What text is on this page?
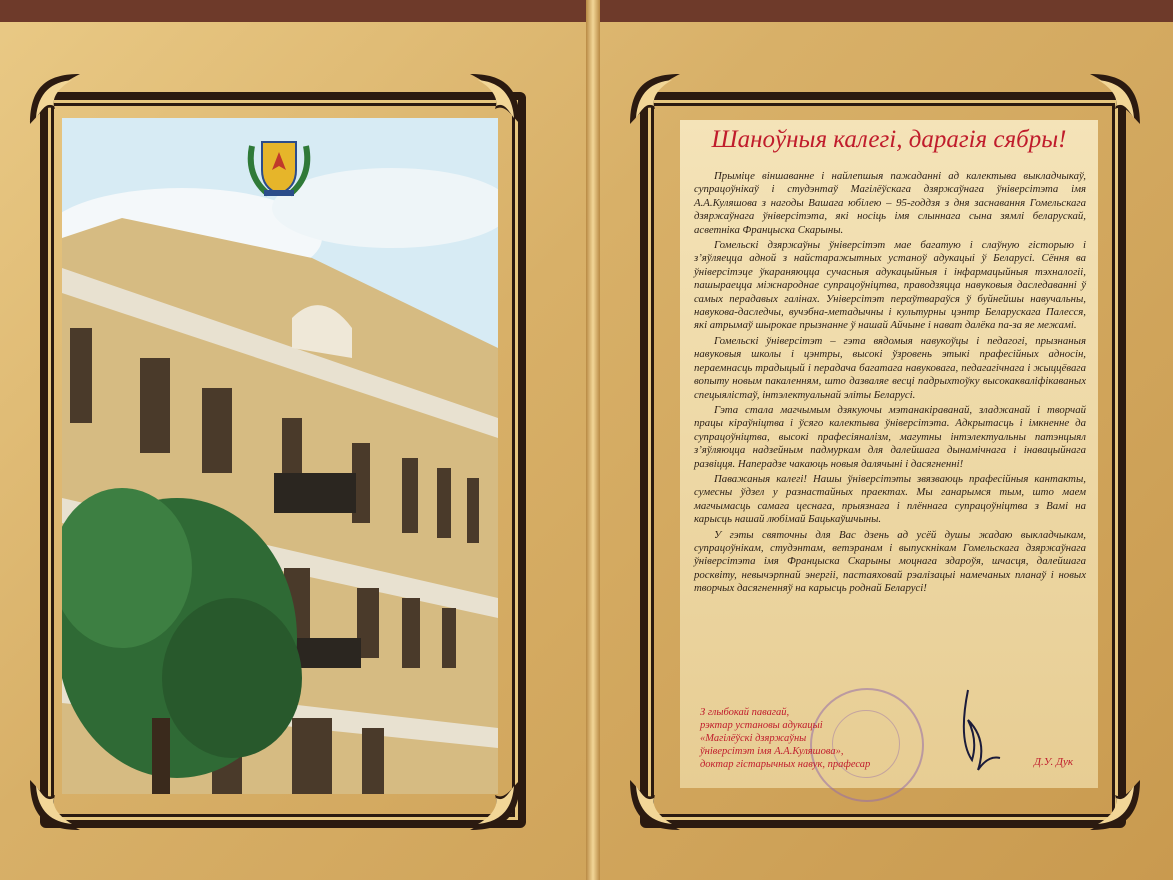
Шаноўныя калегі, дарагія сябры!

Прыміце віншаванне і найлепшыя пажаданні ад калектыва выкладчыкаў, супрацоўнікаў і студэнтаў Магілёўскага дзяржаўнага ўніверсітэта імя А.А.Куляшова з нагоды Вашага юбілею – 95-годдзя з дня заснавання Гомельскага дзяржаўнага ўніверсітэта, які носіць імя слыннага сына зямлі беларускай, асветніка Францыска Скарыны.

Гомельскі дзяржаўны ўніверсітэт мае багатую і слаўную гісторыю і з’яўляецца адной з найстаражытных устаноў адукацыі ў Беларусі. Сёння ва ўніверсітэце ўкараняюцца сучасныя адукацыйныя і інфармацыйныя тэхналогіі, пашыраецца міжнароднае супрацоўніцтва, праводзяцца навуковыя даследаванні ў самых перадавых галінах. Універсітэт перαўтвараўся ў буйнейшы навучальны, навукова-даследчы, вучэбна-метадычны і культурны цэнтр Беларускага Палесся, які атрымаў шырокае прызнанне ў нашай Айчыне і нават далёка па-за яе межамі.

Гомельскі ўніверсітэт – гэта вядомыя навукоўцы і педагогі, прызнаныя навуковыя школы і цэнтры, высокі ўзровень этыкі прафесійных адносін, пераемнасць традыцый і перадача багатага навуковага, педагагічнага і жыццёвага вопыту новым пакаленням, што дазваляе весці падрыхтоўку высокакваліфікаваных спецыялістаў, інтэлектуальнай эліты Беларусі.

Гэта стала магчымым дзякуючы мэтанакіраванай, зладжанай і творчай працы кіраўніцтва і ўсяго калектыва ўніверсітэта. Адкрытасць і імкненне да супрацоўніцтва, высокі прафесіяналізм, магутны інтэлектуальны патэнцыял з’яўляюцца надзейным падмуркам для далейшага дынамічнага і інавацыйнага развіцця. Наперадзе чакаюць новыя далячыні і дасягненні!

Паважаныя калегі! Нашы ўніверсітэты звязваюць прафесійныя кантакты, сумесны ўдзел у разнастайных праектах. Мы ганарымся тым, што маем магчымасць самага цеснага, прыязнага і плённага супрацоўніцтва з Вамі на карысць нашай любімай Бацькаўшчыны.

У гэты святочны для Вас дзень ад усёй душы жадаю выкладчыкам, супрацоўнікам, студэнтам, ветэранам і выпускнікам Гомельскага дзяржаўнага ўніверсітэта імя Францыска Скарыны моцнага здароўя, шчасця, далейшага росквіту, невычэрпнай энергіі, пастаяховай рэалізацыі намечаных планаў і новых творчых дасягненняў на карысць роднай Беларусі!

З глыбокай павагай,
рэктар установы адукацыі
«Магілёўскі дзяржаўны
ўніверсітэт імя А.А.Куляшова»,
доктар гістарычных навук, прафесар	Д.У. Дук
